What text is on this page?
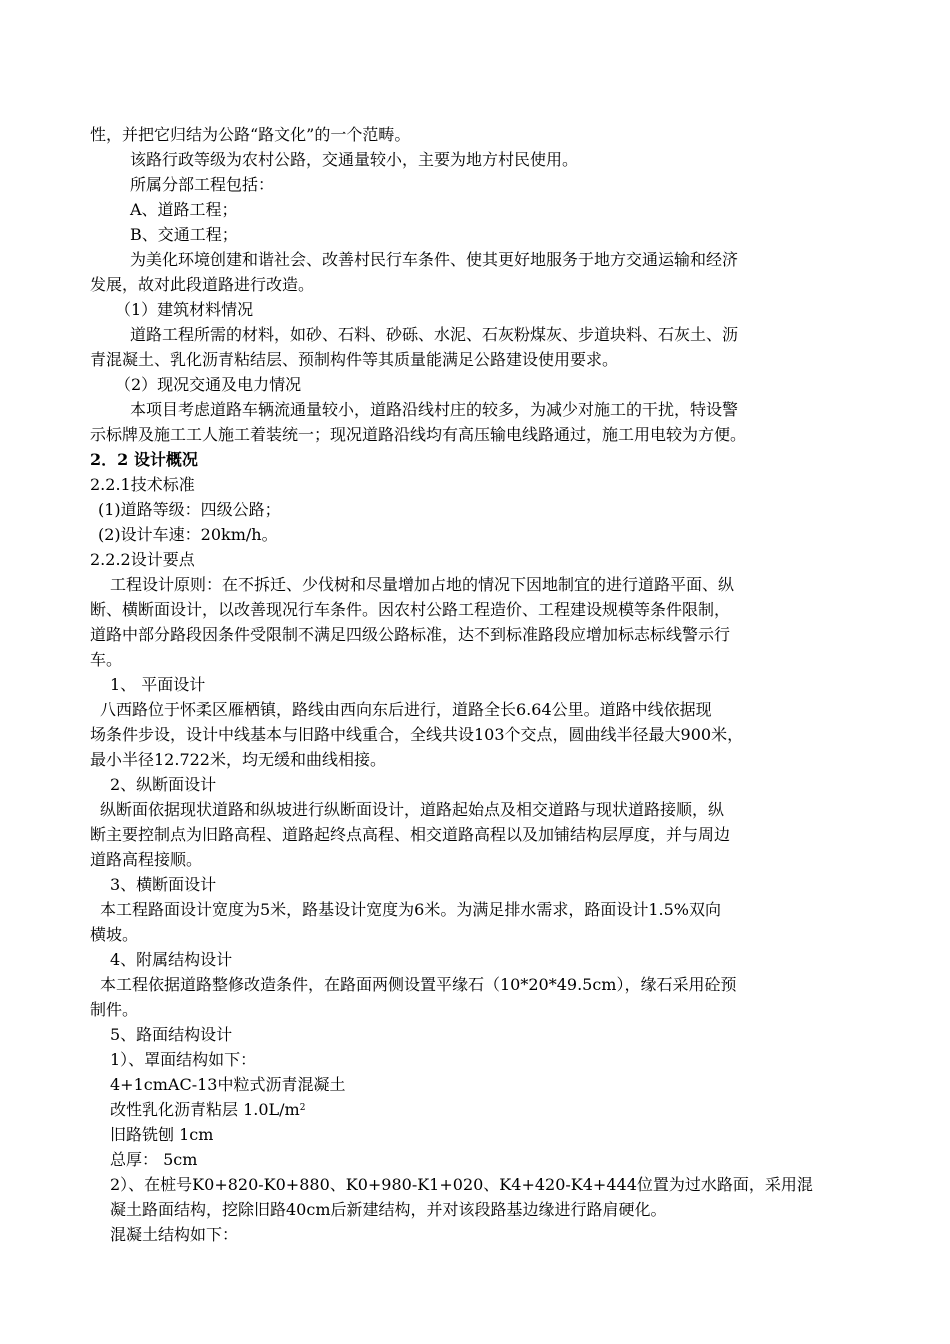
性，并把它归结为公路“路文化”的一个范畴。
该路行政等级为农村公路，交通量较小，主要为地方村民使用。
所属分部工程包括：
A、道路工程；
B、交通工程；
为美化环境创建和谐社会、改善村民行车条件、使其更好地服务于地方交通运输和经济
发展，故对此段道路进行改造。
（1）建筑材料情况
道路工程所需的材料，如砂、石料、砂砾、水泥、石灰粉煤灰、步道块料、石灰土、沥
青混凝土、乳化沥青粘结层、预制构件等其质量能满足公路建设使用要求。
（2）现况交通及电力情况
本项目考虑道路车辆流通量较小，道路沿线村庄的较多，为减少对施工的干扰，特设警
示标牌及施工工人施工着装统一；现况道路沿线均有高压输电线路通过，施工用电较为方便。
2．2 设计概况
2.2.1技术标准
(1)道路等级：四级公路；
(2)设计车速：20km/h。
2.2.2设计要点
工程设计原则：在不拆迁、少伐树和尽量增加占地的情况下因地制宜的进行道路平面、纵
断、横断面设计，以改善现况行车条件。因农村公路工程造价、工程建设规模等条件限制，
道路中部分路段因条件受限制不满足四级公路标准，达不到标准路段应增加标志标线警示行
车。
1、 平面设计
八西路位于怀柔区雁栖镇，路线由西向东后进行，道路全长6.64公里。道路中线依据现
场条件步设，设计中线基本与旧路中线重合，全线共设103个交点，圆曲线半径最大900米，
最小半径12.722米，均无缓和曲线相接。
2、纵断面设计
纵断面依据现状道路和纵坡进行纵断面设计，道路起始点及相交道路与现状道路接顺，纵
断主要控制点为旧路高程、道路起终点高程、相交道路高程以及加铺结构层厚度，并与周边
道路高程接顺。
3、横断面设计
本工程路面设计宽度为5米，路基设计宽度为6米。为满足排水需求，路面设计1.5%双向
横坡。
4、附属结构设计
本工程依据道路整修改造条件，在路面两侧设置平缘石（10*20*49.5cm），缘石采用砼预
制件。
5、路面结构设计
1）、罩面结构如下：
4+1cmAC-13中粒式沥青混凝土
改性乳化沥青粘层 $1.0L/m^2$
旧路铣刨 1cm
总厚： 5cm
2）、在桩号K0+820-K0+880、K0+980-K1+020、K4+420-K4+444位置为过水路面，采用混
凝土路面结构，挖除旧路40cm后新建结构，并对该段路基边缘进行路肩硬化。
混凝土结构如下：
